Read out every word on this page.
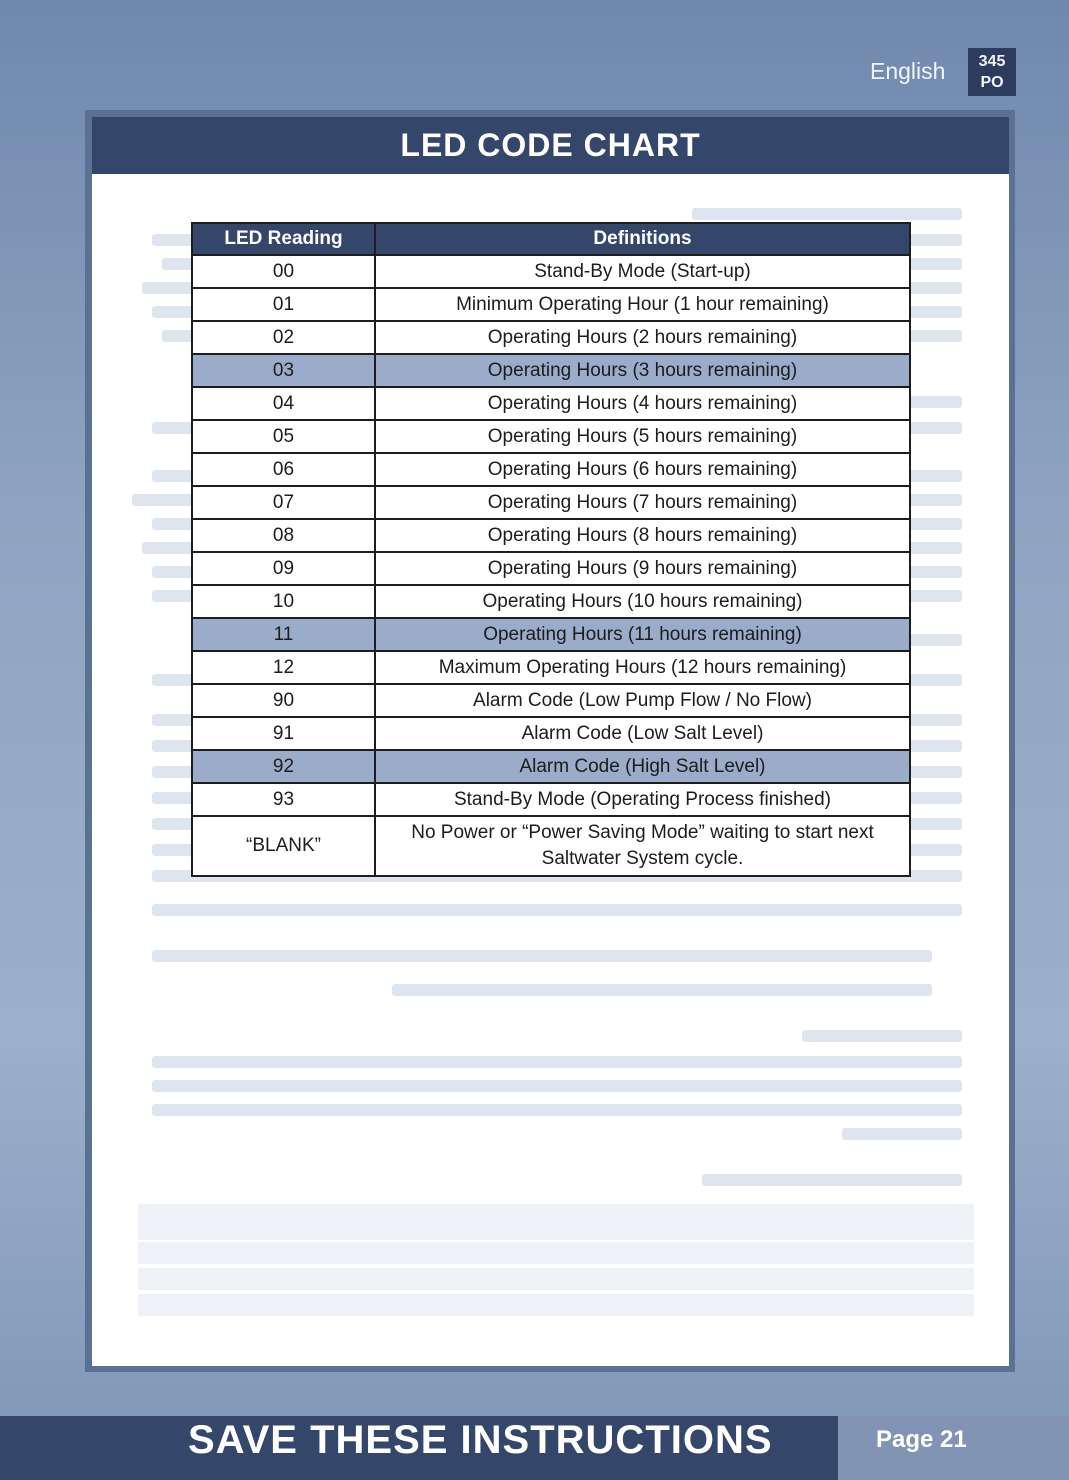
English	345
PO
LED CODE CHART
LED Reading	Definitions
00	Stand-By Mode (Start-up)
01	Minimum Operating Hour (1 hour remaining)
02	Operating Hours (2 hours remaining)
03	Operating Hours (3 hours remaining)
04	Operating Hours (4 hours remaining)
05	Operating Hours (5 hours remaining)
06	Operating Hours (6 hours remaining)
07	Operating Hours (7 hours remaining)
08	Operating Hours (8 hours remaining)
09	Operating Hours (9 hours remaining)
10	Operating Hours (10 hours remaining)
11	Operating Hours (11 hours remaining)
12	Maximum Operating Hours (12 hours remaining)
90	Alarm Code (Low Pump Flow / No Flow)
91	Alarm Code (Low Salt Level)
92	Alarm Code (High Salt Level)
93	Stand-By Mode (Operating Process finished)
“BLANK”	No Power or “Power Saving Mode” waiting to start next
Saltwater System cycle.
SAVE THESE INSTRUCTIONS	Page 21
